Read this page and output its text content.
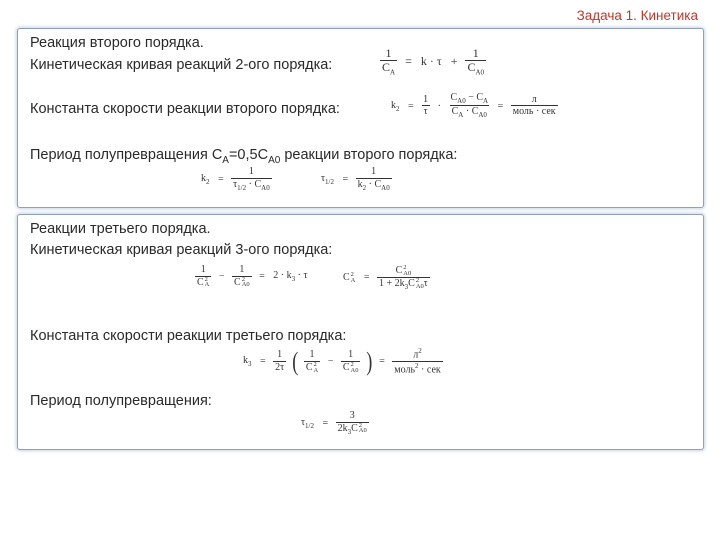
Задача 1. Кинетика
Реакция второго порядка.
Кинетическая кривая реакций 2-ого порядка:	$\frac{1}{C_A} = k \cdot \tau + \frac{1}{C_{A0}}$
Константа скорости реакции второго порядка:	$k_2 = \frac{1}{\tau} \cdot \frac{C_{A0} - C_A}{C_A \cdot C_{A0}} = \frac{л}{\text{моль · сек}}$
Период полупревращения $С_A=0,5С_{A0}$ реакции второго порядка:
$k_2 = \frac{1}{\tau_{1/2} \cdot C_{A0}}$	$\tau_{1/2} = \frac{1}{k_2 \cdot C_{A0}}$
Реакции третьего порядка.
Кинетическая кривая реакций 3-ого порядка:
1
C 2
A − 1
C 2
$A0 = 2 \cdot k_3 \cdot \tau$	C 2
A = C 2
A0
$1 + 2k_3C$ 2
A0 τ
Константа скорости реакции третьего порядка:
$k_3 = \frac{1}{2\tau}$ ( 1
C 2
A − 1
C 2
A0 ) = $\frac{л^2}{моль^2 \cdot сек}$
Период полупревращения:
$\tau_{1/2} = 3$
$2k_3C$ 2
A0
